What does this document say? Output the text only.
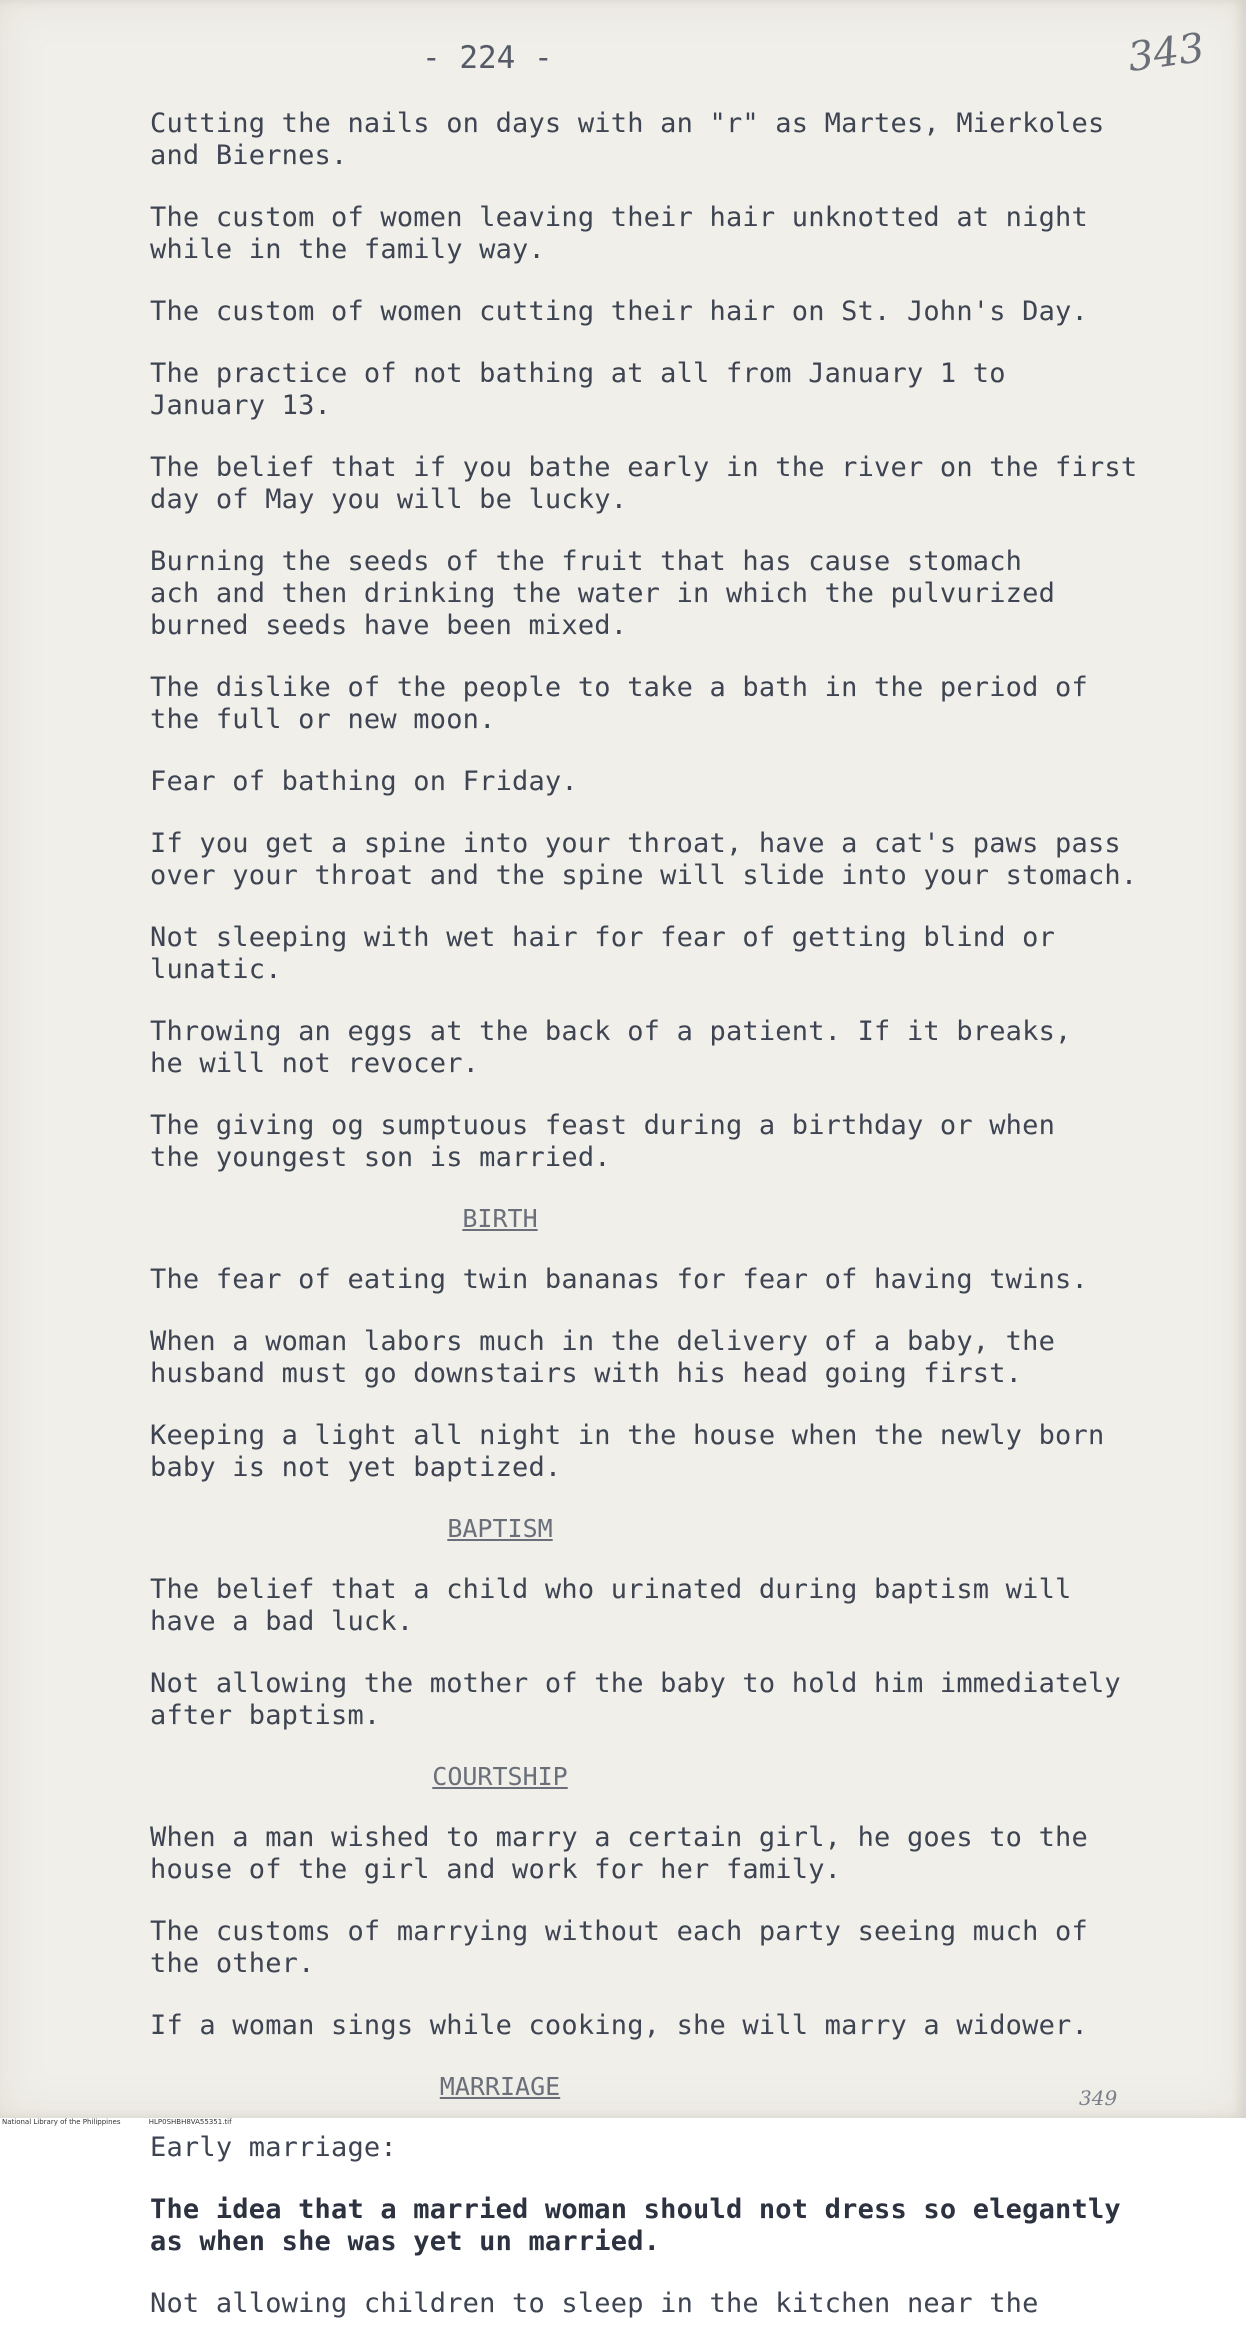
- 224 -	343

Cutting the nails on days with an "r" as Martes, Mierkoles
and Biernes.

The custom of women leaving their hair unknotted at night
while in the family way.

The custom of women cutting their hair on St. John's Day.

The practice of not bathing at all from January 1 to
January 13.

The belief that if you bathe early in the river on the first
day of May you will be lucky.

Burning the seeds of the fruit that has cause stomach
ach and then drinking the water in which the pulvurized
burned seeds have been mixed.

The dislike of the people to take a bath in the period of
the full or new moon.

Fear of bathing on Friday.

If you get a spine into your throat, have a cat's paws pass
over your throat and the spine will slide into your stomach.

Not sleeping with wet hair for fear of getting blind or
lunatic.

Throwing an eggs at the back of a patient. If it breaks,
he will not revocer.

The giving og sumptuous feast during a birthday or when
the youngest son is married.

BIRTH

The fear of eating twin bananas for fear of having twins.

When a woman labors much in the delivery of a baby, the
husband must go downstairs with his head going first.

Keeping a light all night in the house when the newly born
baby is not yet baptized.

BAPTISM

The belief that a child who urinated during baptism will
have a bad luck.

Not allowing the mother of the baby to hold him immediately
after baptism.

COURTSHIP

When a man wished to marry a certain girl, he goes to the
house of the girl and work for her family.

The customs of marrying without each party seeing much of
the other.

If a woman sings while cooking, she will marry a widower.

MARRIAGE

Early marriage:

The idea that a married woman should not dress so elegantly
as when she was yet un married.

Not allowing children to sleep in the kitchen near the

349
National Library of the Philippines	HLP0SHBH8VA55351.tif
